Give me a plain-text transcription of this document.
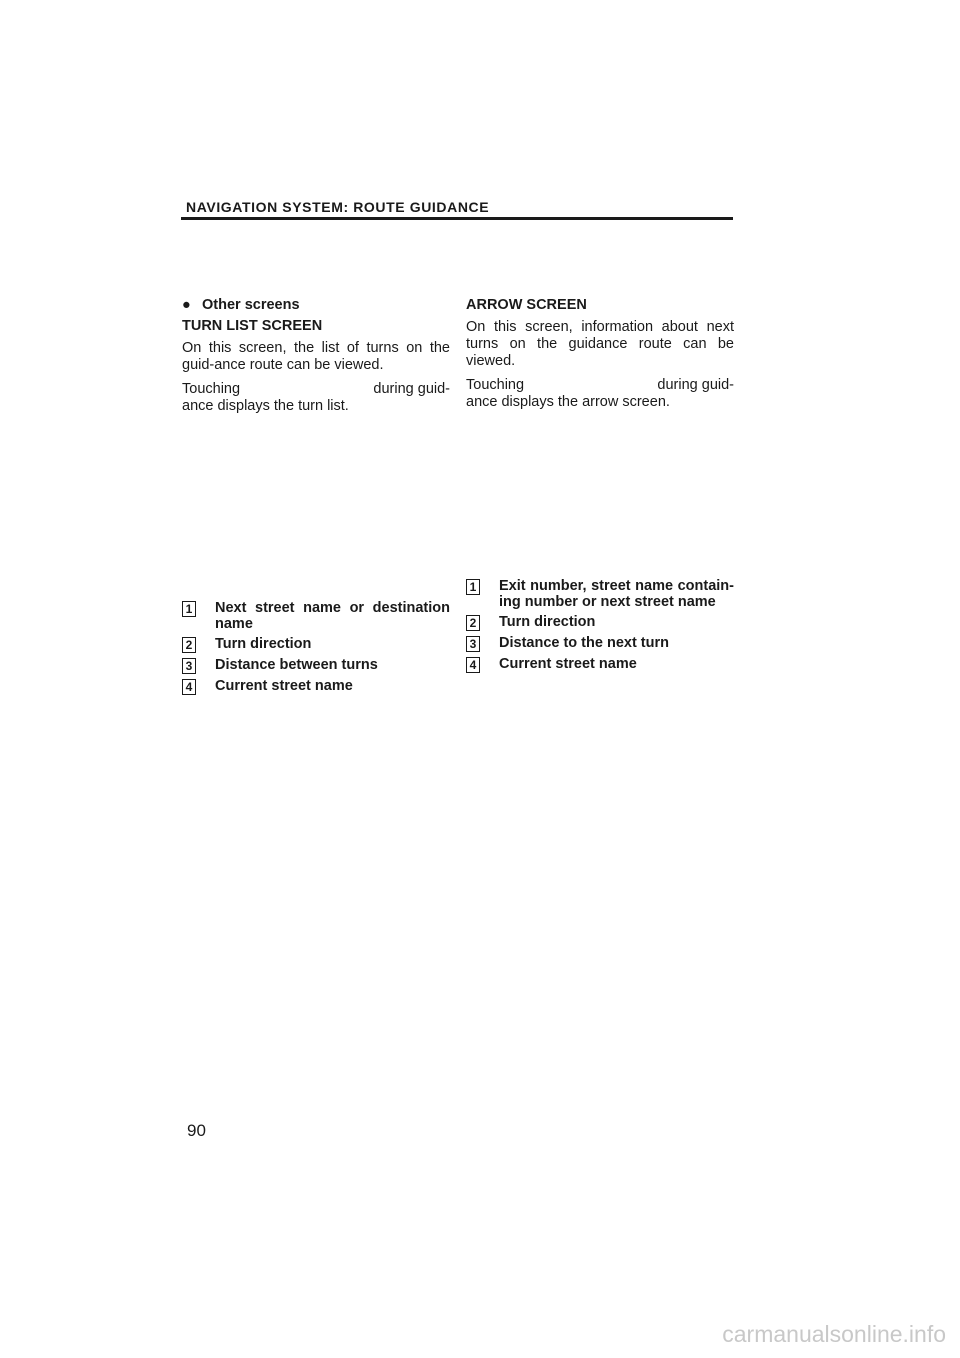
NAVIGATION SYSTEM: ROUTE GUIDANCE
● Other screens
TURN LIST SCREEN

On this screen, the list of turns on the guid-ance route can be viewed.

Touching	during guid-
ance displays the turn list.
ARROW SCREEN

On this screen, information about next turns on the guidance route can be viewed.

Touching	during guid-
ance displays the arrow screen.
1 Next street name or destination name
2 Turn direction
3 Distance between turns
4 Current street name
1 Exit number, street name contain-ing number or next street name
2 Turn direction
3 Distance to the next turn
4 Current street name
90
carmanualsonline.info
